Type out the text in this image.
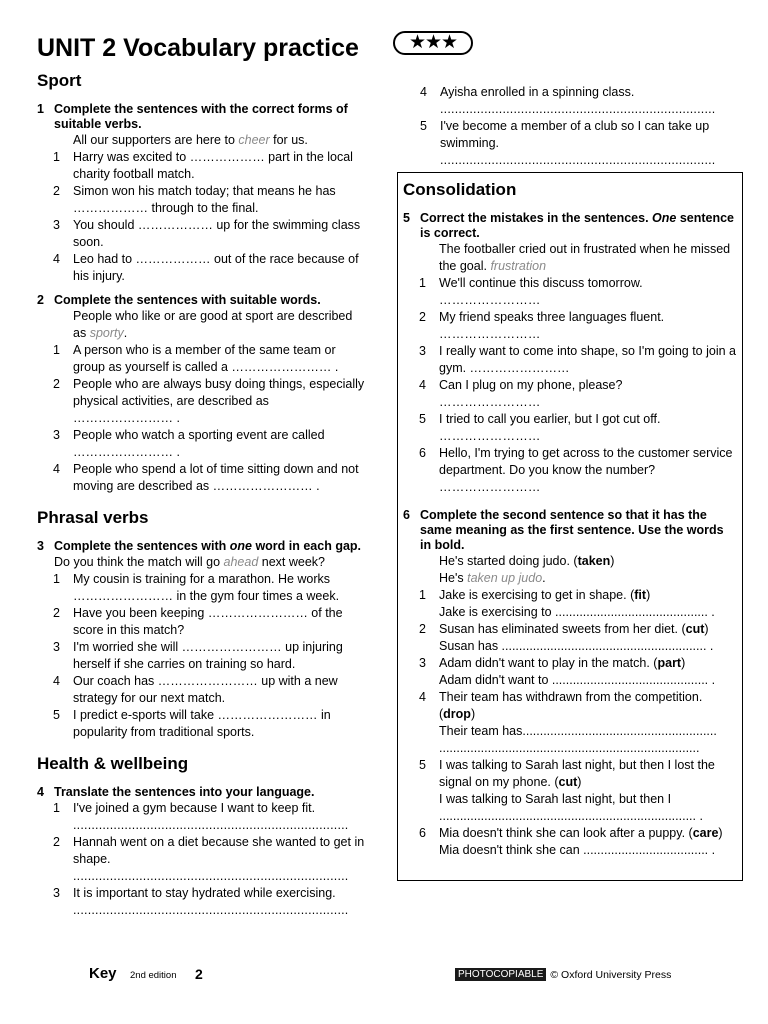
UNIT 2 Vocabulary practice	★★★
Sport
1 Complete the sentences with the correct forms of suitable verbs.
All our supporters are here to cheer for us.
1	Harry was excited to ……………… part in the local charity football match.
2	Simon won his match today; that means he has ……………… through to the final.
3	You should ……………… up for the swimming class soon.
4	Leo had to ……………… out of the race because of his injury.
2 Complete the sentences with suitable words.
People who like or are good at sport are described as sporty.
1	A person who is a member of the same team or group as yourself is called a …………………… .
2	People who are always busy doing things, especially physical activities, are described as …………………… .
3	People who watch a sporting event are called …………………… .
4	People who spend a lot of time sitting down and not moving are described as …………………… .
Phrasal verbs
3 Complete the sentences with one word in each gap.
Do you think the match will go ahead next week?
1	My cousin is training for a marathon. He works …………………… in the gym four times a week.
2	Have you been keeping …………………… of the score in this match?
3	I'm worried she will …………………… up injuring herself if she carries on training so hard.
4	Our coach has …………………… up with a new strategy for our next match.
5	I predict e-sports will take …………………… in popularity from traditional sports.
Health & wellbeing
4 Translate the sentences into your language.
1	I've joined a gym because I want to keep fit.
...........................................................................
2	Hannah went on a diet because she wanted to get in shape.
...........................................................................
3	It is important to stay hydrated while exercising.
...........................................................................
4	Ayisha enrolled in a spinning class.
...........................................................................
5	I've become a member of a club so I can take up swimming.
...........................................................................
Consolidation
5 Correct the mistakes in the sentences. One sentence is correct.
The footballer cried out in frustrated when he missed the goal. frustration
1	We'll continue this discuss tomorrow.
……………………
2	My friend speaks three languages fluent.
……………………
3	I really want to come into shape, so I'm going to join a gym. ……………………
4	Can I plug on my phone, please?
……………………
5	I tried to call you earlier, but I got cut off.
……………………
6	Hello, I'm trying to get across to the customer service department. Do you know the number?
……………………
6 Complete the second sentence so that it has the same meaning as the first sentence. Use the words in bold.
He's started doing judo. (taken)
He's taken up judo.
1	Jake is exercising to get in shape. (fit)
Jake is exercising to ............................................ .
2	Susan has eliminated sweets from her diet. (cut)
Susan has ........................................................... .
3	Adam didn't want to play in the match. (part)
Adam didn't want to ............................................. .
4	Their team has withdrawn from the competition. (drop)
Their team has........................................................ ...........................................................................
5	I was talking to Sarah last night, but then I lost the signal on my phone. (cut)
I was talking to Sarah last night, but then I .......................................................................... .
6	Mia doesn't think she can look after a puppy. (care)
Mia doesn't think she can .................................... .
Key 2nd edition 2	PHOTOCOPIABLE © Oxford University Press
